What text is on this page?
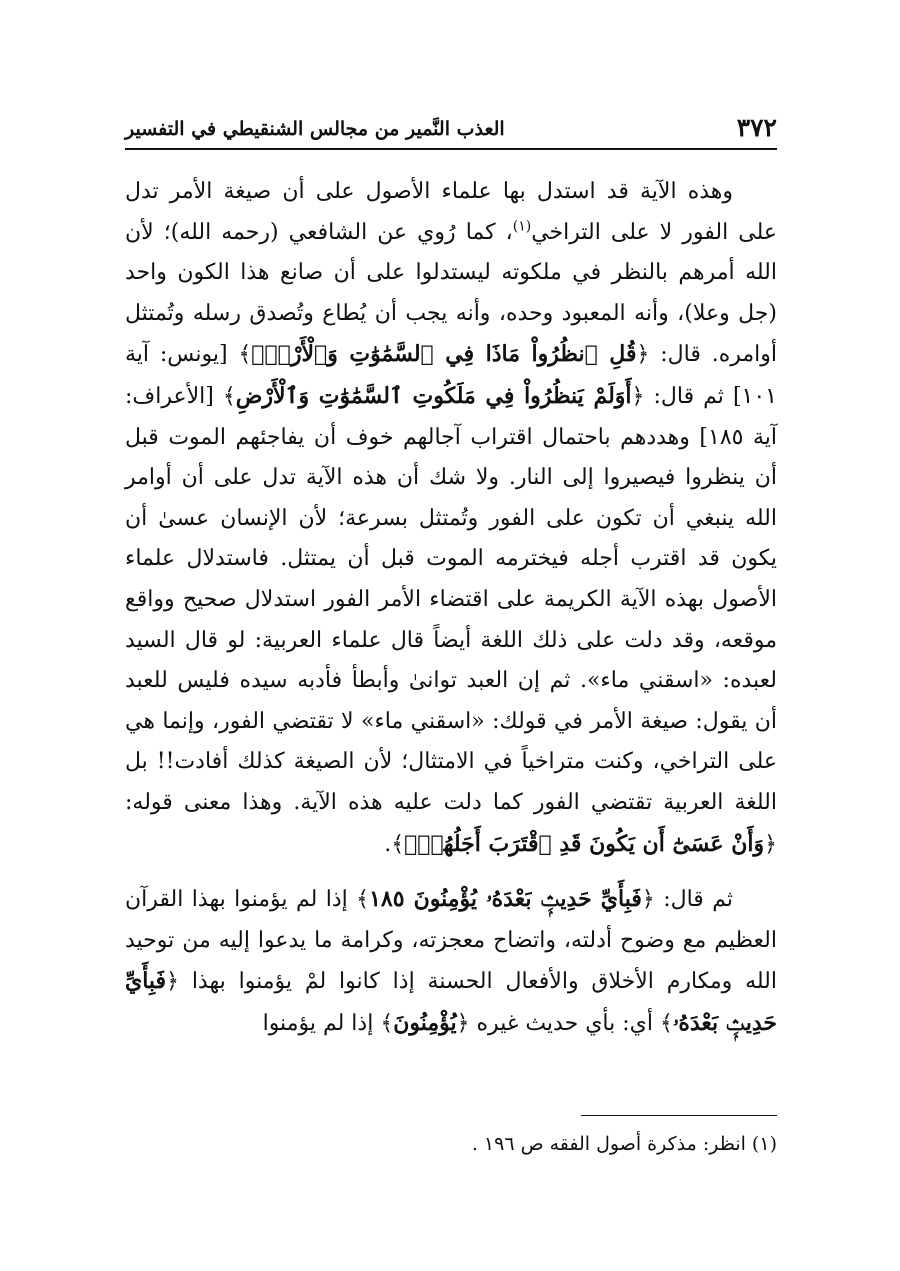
٣٧٢
العذب النَّمير من مجالس الشنقيطي في التفسير

وهذه الآية قد استدل بها علماء الأصول على أن صيغة الأمر تدل على الفور لا على التراخي$^{(١)}$، كما رُوي عن الشافعي (رحمه الله)؛ لأن الله أمرهم بالنظر في ملكوته ليستدلوا على أن صانع هذا الكون واحد (جل وعلا)، وأنه المعبود وحده، وأنه يجب أن يُطاع وتُصدق رسله وتُمتثل أوامره. قال: ﴿قُلِ ٱنظُرُواْ مَاذَا فِي ٱلسَّمَٰوَٰتِ وَٱلْأَرْضِۚ﴾ [يونس: آية ١٠١] ثم قال: ﴿أَوَلَمْ يَنظُرُواْ فِي مَلَكُوتِ ٱلسَّمَٰوَٰتِ وَٱلْأَرْضِ﴾ [الأعراف: آية ١٨٥] وهددهم باحتمال اقتراب آجالهم خوف أن يفاجئهم الموت قبل أن ينظروا فيصيروا إلى النار. ولا شك أن هذه الآية تدل على أن أوامر الله ينبغي أن تكون على الفور وتُمتثل بسرعة؛ لأن الإنسان عسىٰ أن يكون قد اقترب أجله فيخترمه الموت قبل أن يمتثل. فاستدلال علماء الأصول بهذه الآية الكريمة على اقتضاء الأمر الفور استدلال صحيح وواقع موقعه، وقد دلت على ذلك اللغة أيضاً قال علماء العربية: لو قال السيد لعبده: «اسقني ماء». ثم إن العبد توانىٰ وأبطأ فأدبه سيده فليس للعبد أن يقول: صيغة الأمر في قولك: «اسقني ماء» لا تقتضي الفور، وإنما هي على التراخي، وكنت متراخياً في الامتثال؛ لأن الصيغة كذلك أفادت!! بل اللغة العربية تقتضي الفور كما دلت عليه هذه الآية. وهذا معنى قوله: ﴿وَأَنْ عَسَىٰٓ أَن يَكُونَ قَدِ ٱقْتَرَبَ أَجَلُهُمْۖ﴾.

ثم قال: ﴿فَبِأَيِّ حَدِيثِۭ بَعْدَهُۥ يُؤْمِنُونَ ١٨٥﴾ إذا لم يؤمنوا بهذا القرآن العظيم مع وضوح أدلته، واتضاح معجزته، وكرامة ما يدعوا إليه من توحيد الله ومكارم الأخلاق والأفعال الحسنة إذا كانوا لمْ يؤمنوا بهذا ﴿فَبِأَيِّ حَدِيثِۭ بَعْدَهُۥ﴾ أي: بأي حديث غيره ﴿يُؤْمِنُونَ﴾ إذا لم يؤمنوا

(١) انظر: مذكرة أصول الفقه ص ١٩٦ .
